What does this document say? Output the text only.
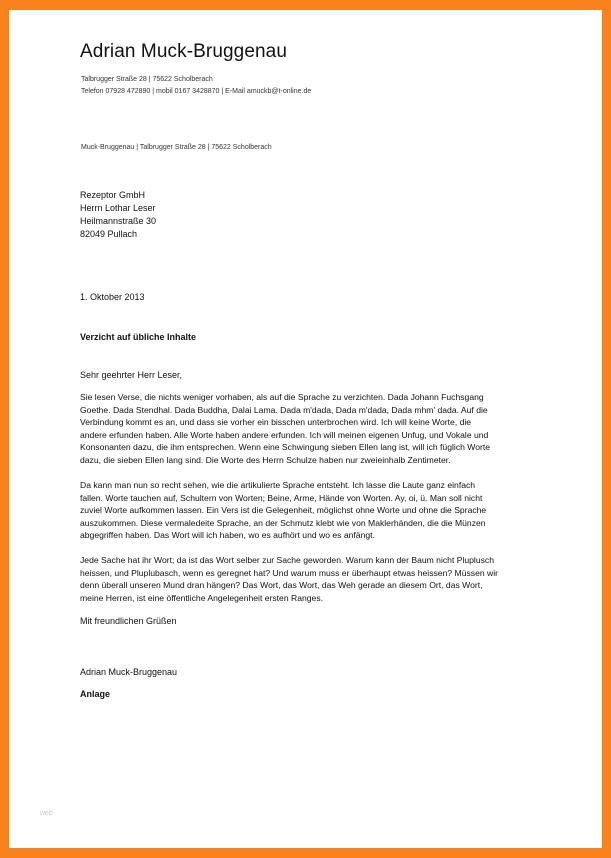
Adrian Muck-Bruggenau
Talbrugger Straße 28 | 75622 Scholberach
Telefon 07928 472890 | mobil 0167 3428870 | E-Mail amuckb@t-online.de
Muck-Bruggenau | Talbrugger Straße 28 | 75622 Scholberach
Rezeptor GmbH
Herrn Lothar Leser
Heilmannstraße 30
82049 Pullach
1. Oktober 2013
Verzicht auf übliche Inhalte
Sehr geehrter Herr Leser,
Sie lesen Verse, die nichts weniger vorhaben, als auf die Sprache zu verzichten. Dada Johann Fuchsgang
Goethe. Dada Stendhal. Dada Buddha, Dalai Lama. Dada m'dada, Dada m'dada, Dada mhm' dada. Auf die
Verbindung kommt es an, und dass sie vorher ein bisschen unterbrochen wird. Ich will keine Worte, die
andere erfunden haben. Alle Worte haben andere erfunden. Ich will meinen eigenen Unfug, und Vokale und
Konsonanten dazu, die ihm entsprechen. Wenn eine Schwingung sieben Ellen lang ist, will ich füglich Worte
dazu, die sieben Ellen lang sind. Die Worte des Herrn Schulze haben nur zweieinhalb Zentimeter.
Da kann man nun so recht sehen, wie die artikulierte Sprache entsteht. Ich lasse die Laute ganz einfach
fallen. Worte tauchen auf, Schultern von Worten; Beine, Arme, Hände von Worten. Ay, oi, ü. Man soll nicht
zuviel Worte aufkommen lassen. Ein Vers ist die Gelegenheit, möglichst ohne Worte und ohne die Sprache
auszukommen. Diese vermaledeite Sprache, an der Schmutz klebt wie von Maklerhänden, die die Münzen
abgegriffen haben. Das Wort will ich haben, wo es aufhört und wo es anfängt.
Jede Sache hat ihr Wort; da ist das Wort selber zur Sache geworden. Warum kann der Baum nicht Pluplusch
heissen, und Pluplubasch, wenn es geregnet hat? Und warum muss er überhaupt etwas heissen? Müssen wir
denn überall unseren Mund dran hängen? Das Wort, das Wort, das Weh gerade an diesem Ort, das Wort,
meine Herren, ist eine öffentliche Angelegenheit ersten Ranges.
Mit freundlichen Grüßen
Adrian Muck-Bruggenau
Anlage
web
